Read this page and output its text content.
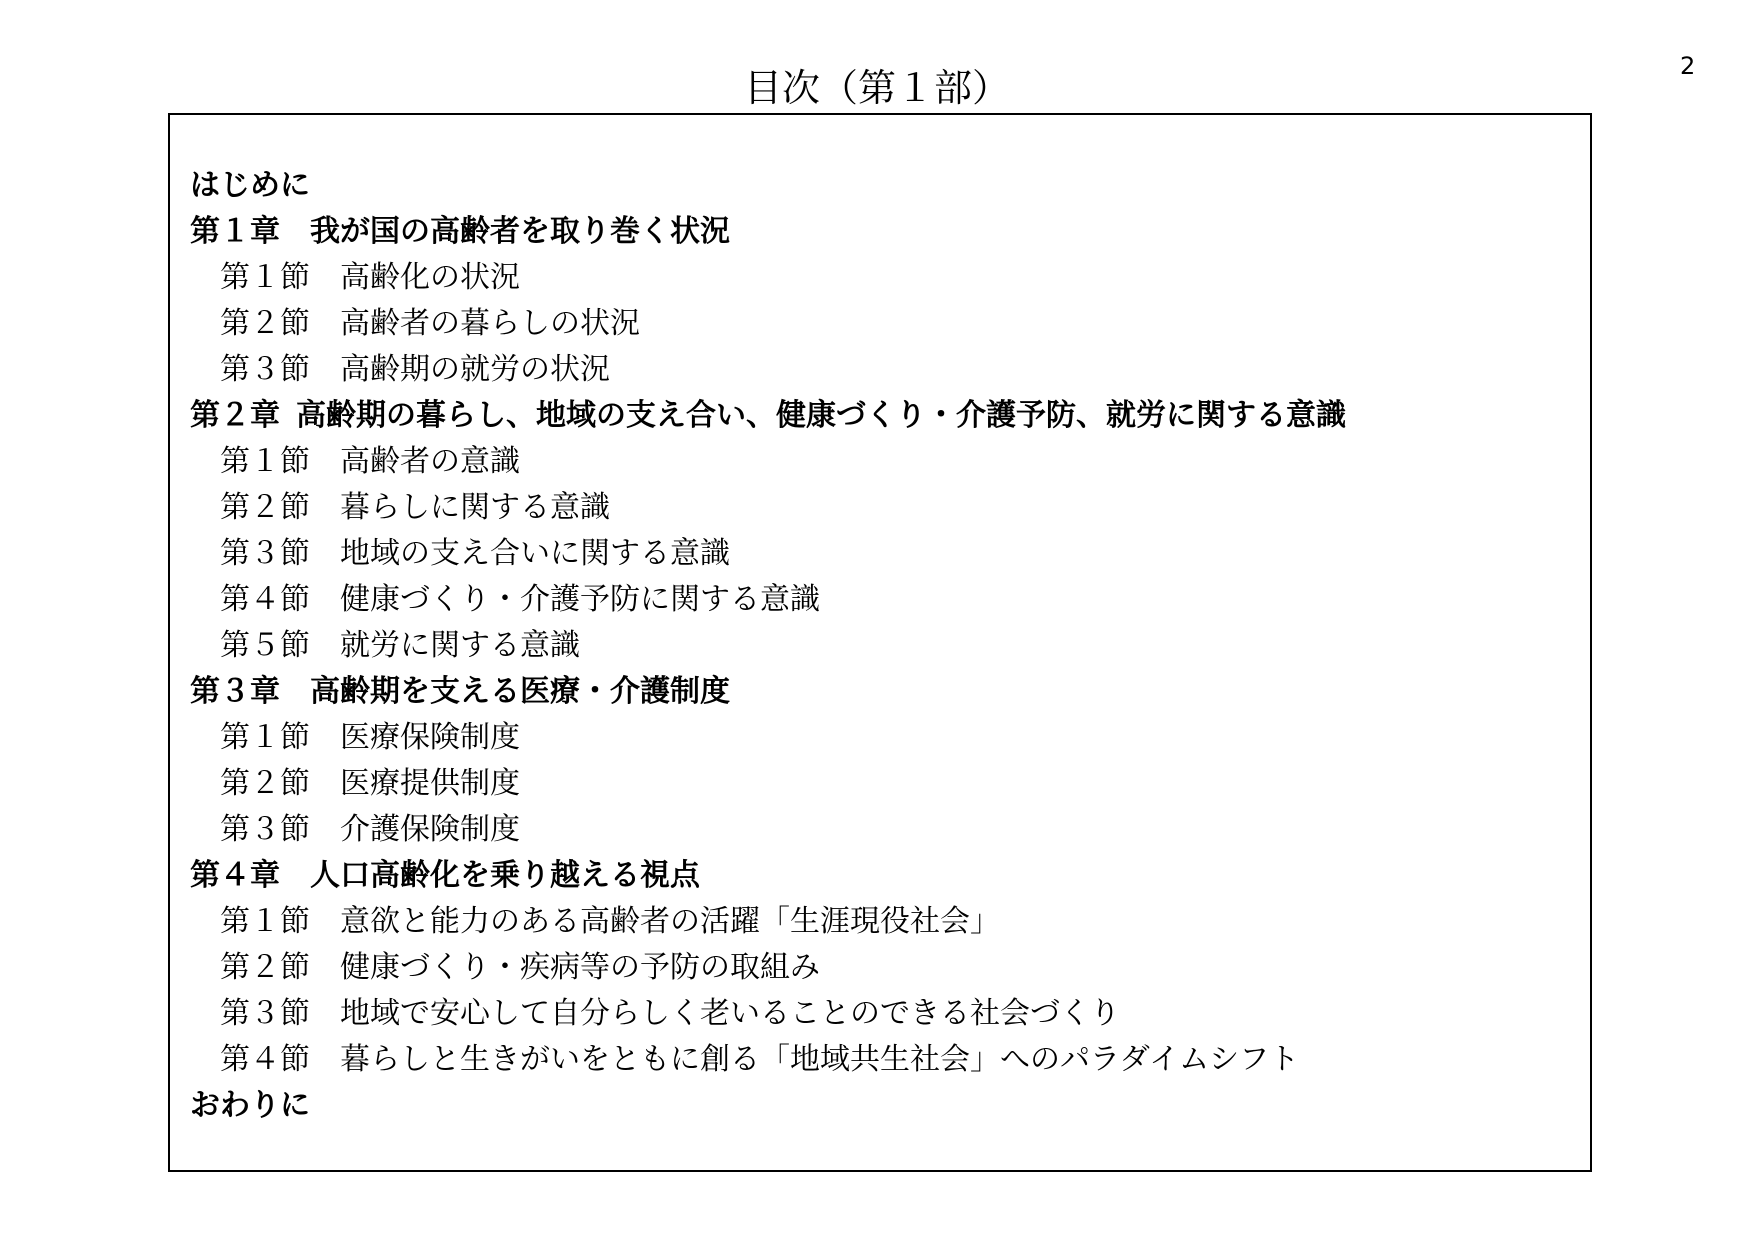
2
目次（第１部）
はじめに
第１章 我が国の高齢者を取り巻く状況
第１節 高齢化の状況
第２節 高齢者の暮らしの状況
第３節 高齢期の就労の状況
第２章 高齢期の暮らし、地域の支え合い、健康づくり・介護予防、就労に関する意識
第１節 高齢者の意識
第２節 暮らしに関する意識
第３節 地域の支え合いに関する意識
第４節 健康づくり・介護予防に関する意識
第５節 就労に関する意識
第３章 高齢期を支える医療・介護制度
第１節 医療保険制度
第２節 医療提供制度
第３節 介護保険制度
第４章 人口高齢化を乗り越える視点
第１節 意欲と能力のある高齢者の活躍「生涯現役社会」
第２節 健康づくり・疾病等の予防の取組み
第３節 地域で安心して自分らしく老いることのできる社会づくり
第４節 暮らしと生きがいをともに創る「地域共生社会」へのパラダイムシフト
おわりに
